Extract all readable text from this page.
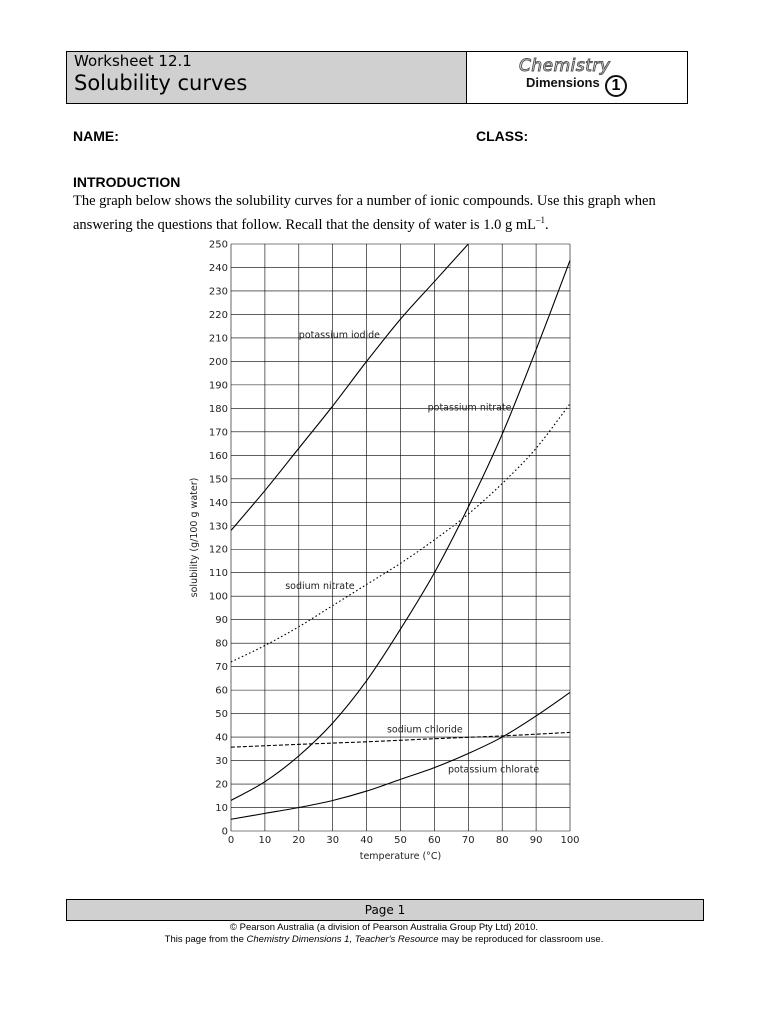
Worksheet 12.1
Solubility curves
Chemistry
Dimensions 1
NAME:	CLASS:
INTRODUCTION
The graph below shows the solubility curves for a number of ionic compounds. Use this graph when answering the questions that follow. Recall that the density of water is 1.0 g $mL^{-1}$.
0
10
20
30
40
50
60
70
80
90
100
110
120
130
140
150
160
170
180
190
200
210
220
230
240
250
0 10 20 30 40 50 60 70 80 90 100
potassium iodide
potassium nitrate
sodium nitrate
sodium chloride
potassium chlorate
temperature (°C)
solubility (g/100 g water)
Page 1
© Pearson Australia (a division of Pearson Australia Group Pty Ltd) 2010.
This page from the Chemistry Dimensions 1, Teacher's Resource may be reproduced for classroom use.
